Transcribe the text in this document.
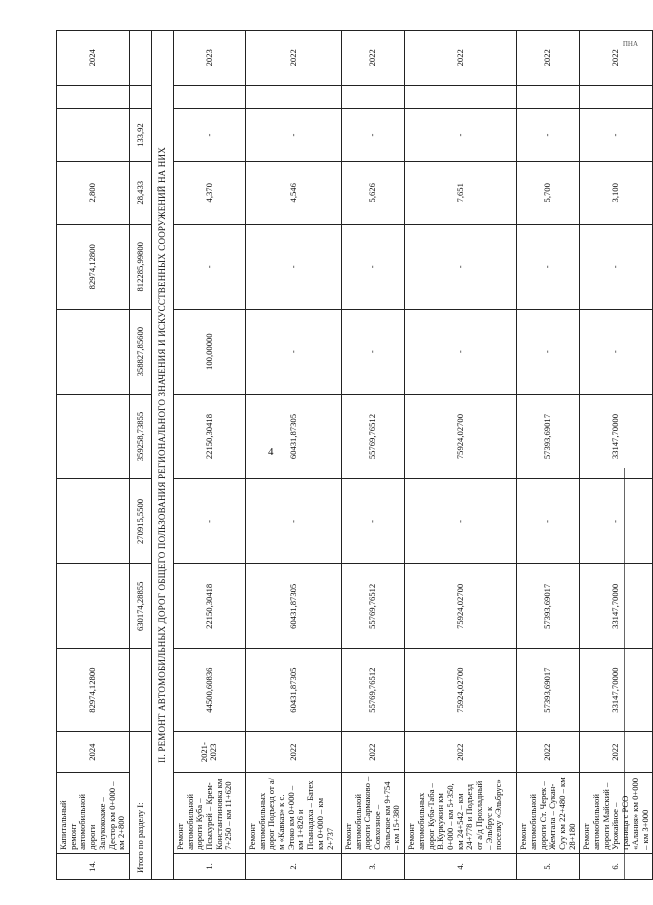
ПНА
4
14.	Капитальный ремонт автомобильной дороги Залукокоаже – Дестор км 0+000 – км 2+800	2024	82974,12800					82974,12800	2,800			2024
Итого по разделу I:				630174,28855	270915,5500	359258,73855	358827,85600	812285,99800	28,433	133,92		
II. РЕМОНТ АВТОМОБИЛЬНЫХ ДОРОГ ОБЩЕГО ПОЛЬЗОВАНИЯ РЕГИОНАЛЬНОГО ЗНАЧЕНИЯ И ИСКУССТВЕННЫХ СООРУЖЕНИЙ НА НИХ												
1.	Ремонт автомобильной дороги Куба – Псыхурей – Крем-Константиновка км 7+250 – км 11+620	2021-2023	44500,60836	22150,30418	-	22150,30418	100,00000	-	4,370	-		2023
2.	Ремонт автомобильных дорог Подъезд от а/м «Кавказ» к с. Этоко км 0+000 – км 1+826 и Псынадаха – Батех км 0+000 – км 2+737	2022	60431,87305	60431,87305	-	60431,87305	-	-	4,546	-		2022
3.	Ремонт автомобильной дороги Сармаково – Совхозное – Зольское км 9+754 – км 15+380	2022	55769,76512	55769,76512	-	55769,76512	-	-	5,626	-		2022
4.	Ремонт автомобильных дорог Куба-Таба – В.Куркужин км 0+000 – км 5+350, км 24+542 – км 24+778 и Подъезд от а/д Прохладный – Эльбрус к поселку «Эльбрус»	2022	75924,02700	75924,02700	-	75924,02700	-	-	7,651	-		2022
5.	Ремонт автомобильной дороги Ст. Черек – Жемтала – Сукан-Суу км 22+480 – км 28+180	2022	57393,69017	57393,69017	-	57393,69017	-	-	5,700	-		2022
6.	Ремонт автомобильной дороги Майский – Урожайное – граница с РСО «Алания» км 0+000 – км 3+000	2022	33147,70000	33147,70000	-	33147,70000	-	-	3,100	-		2022
